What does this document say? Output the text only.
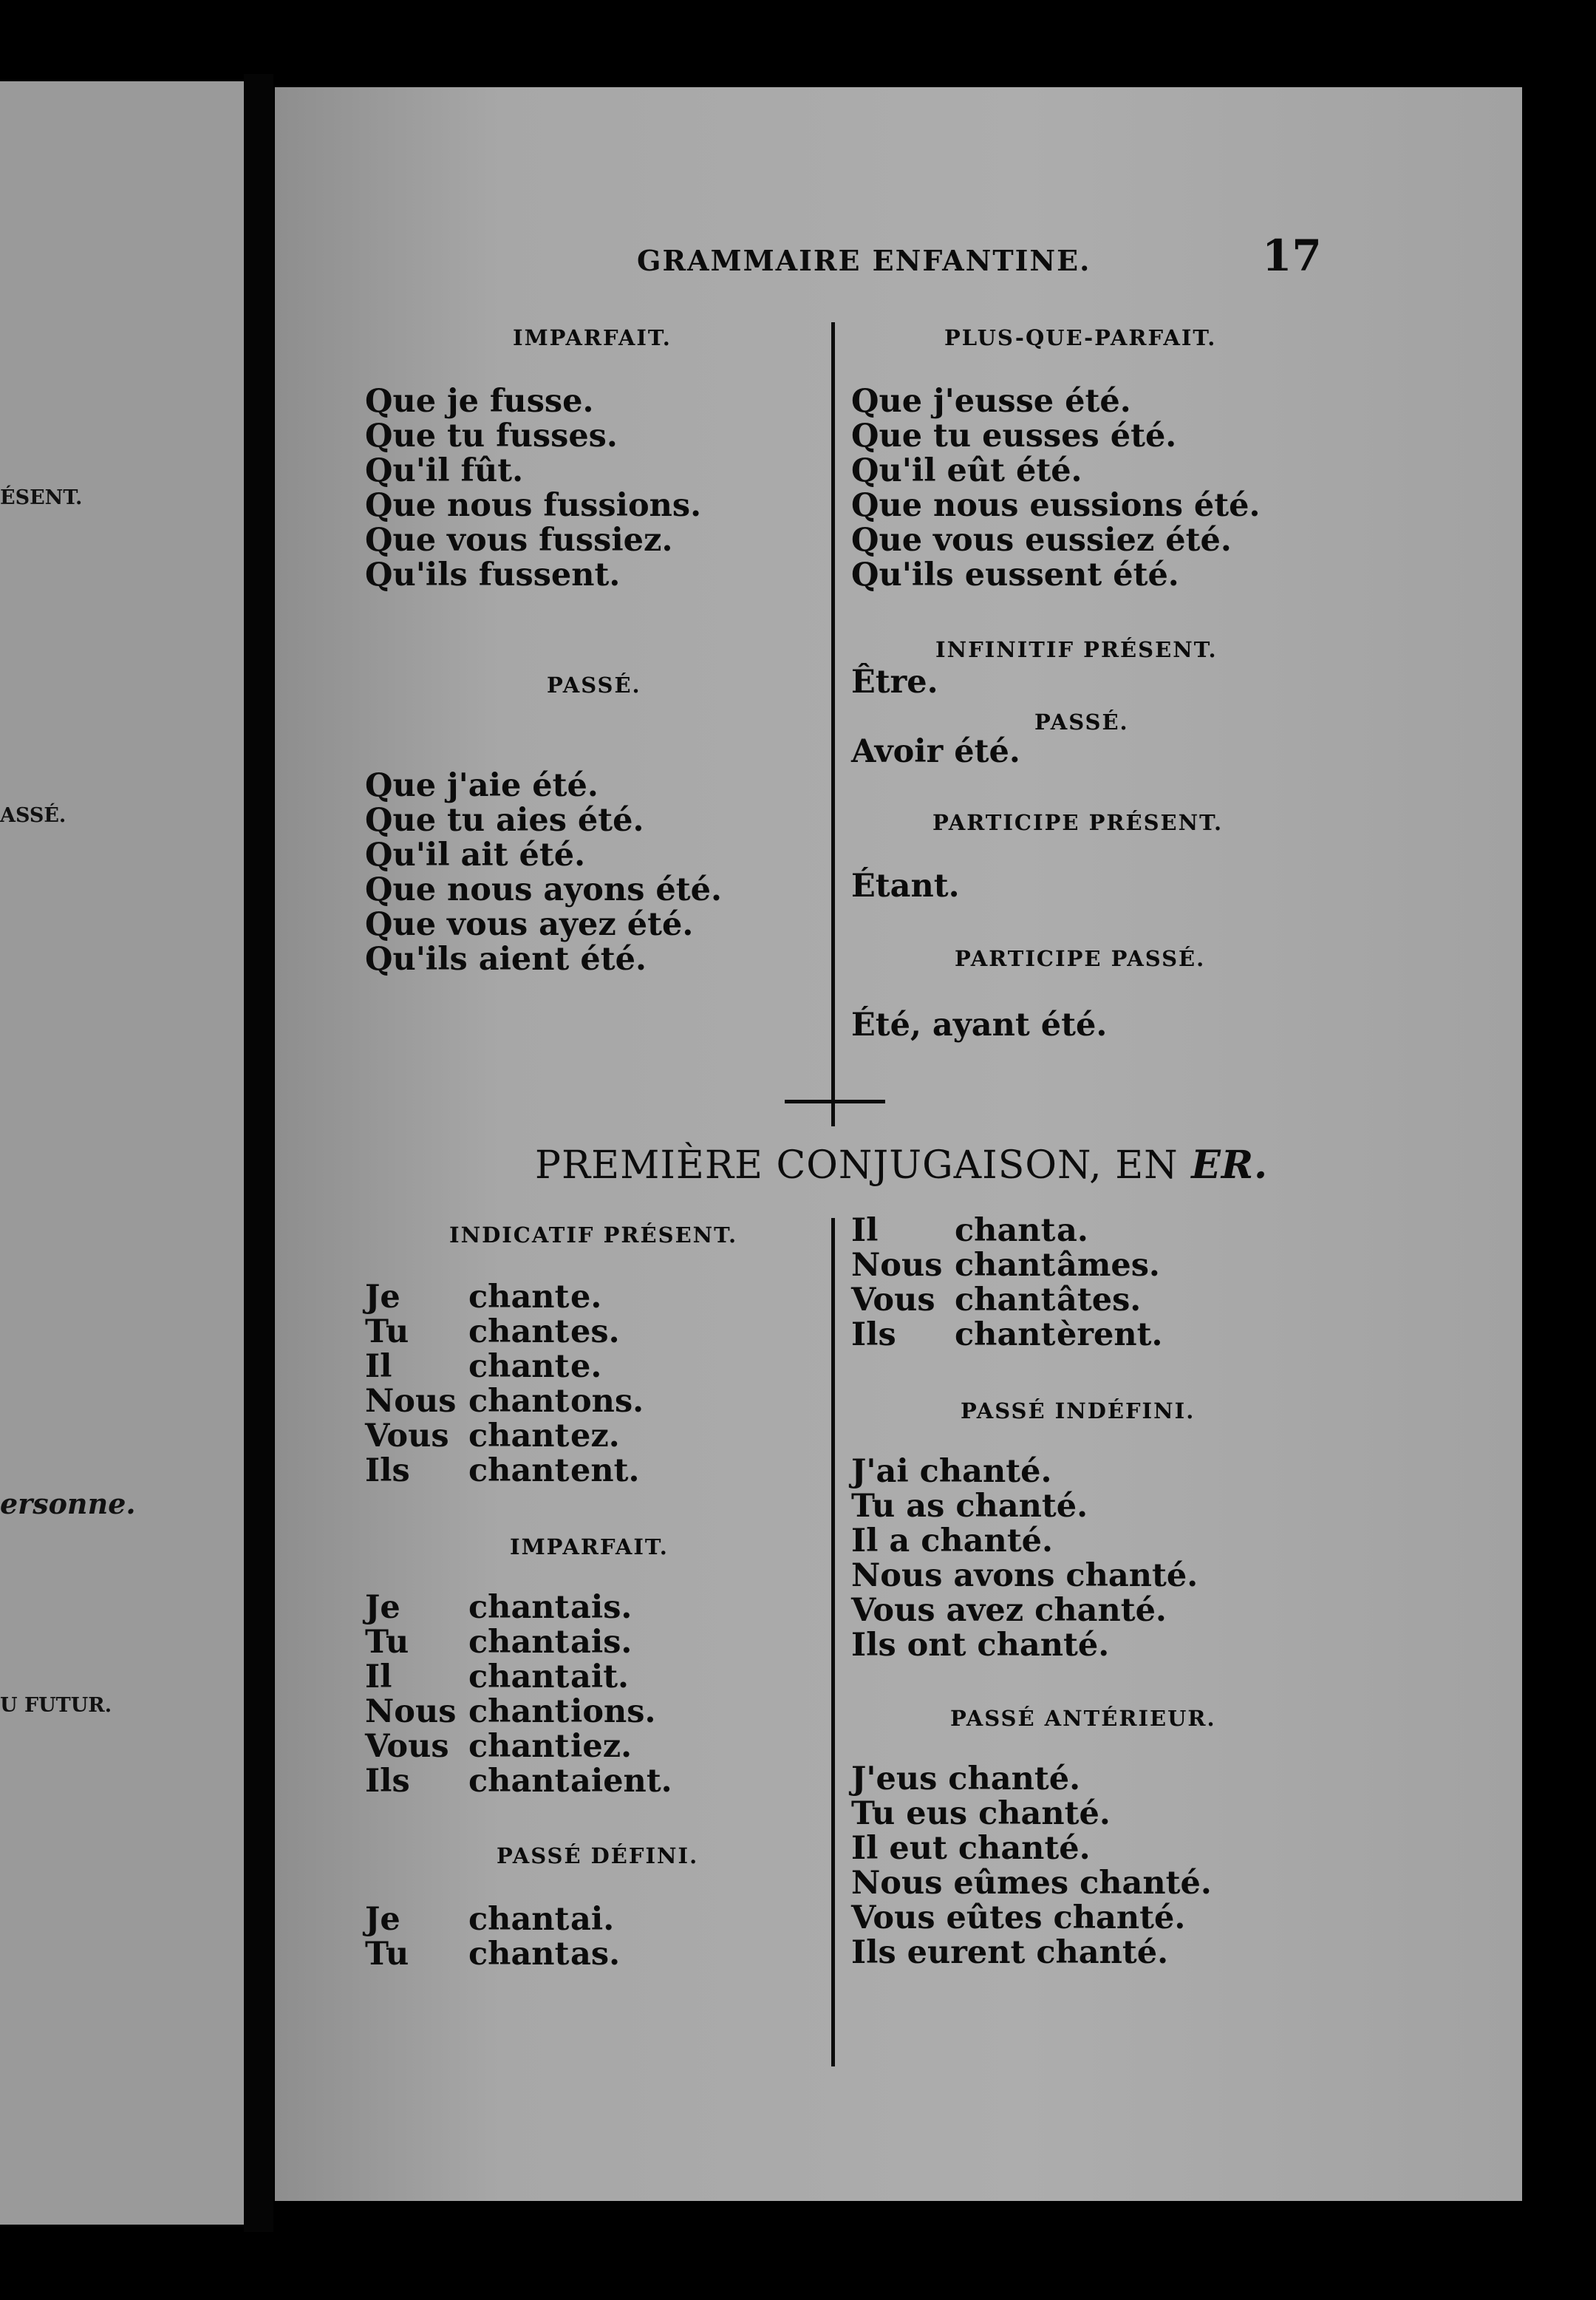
ÉSENT.
ASSÉ.
ersonne.
U FUTUR.
GRAMMAIRE ENFANTINE.	17
IMPARFAIT.
Que je fusse.
Que tu fusses.
Qu'il fût.
Que nous fussions.
Que vous fussiez.
Qu'ils fussent.
PASSÉ.
Que j'aie été.
Que tu aies été.
Qu'il ait été.
Que nous ayons été.
Que vous ayez été.
Qu'ils aient été.
PLUS-QUE-PARFAIT.
Que j'eusse été.
Que tu eusses été.
Qu'il eût été.
Que nous eussions été.
Que vous eussiez été.
Qu'ils eussent été.
INFINITIF PRÉSENT.
Être.
PASSÉ.
Avoir été.
PARTICIPE PRÉSENT.
Étant.
PARTICIPE PASSÉ.
Été, ayant été.
PREMIÈRE CONJUGAISON, EN ER.
INDICATIF PRÉSENT.
Je chante.
Tu chantes.
Il chante.
Nous chantons.
Vous chantez.
Ils chantent.
IMPARFAIT.
Je chantais.
Tu chantais.
Il chantait.
Nous chantions.
Vous chantiez.
Ils chantaient.
PASSÉ DÉFINI.
Je chantai.
Tu chantas.
Il chanta.
Nous chantâmes.
Vous chantâtes.
Ils chantèrent.
PASSÉ INDÉFINI.
J'ai chanté.
Tu as chanté.
Il a chanté.
Nous avons chanté.
Vous avez chanté.
Ils ont chanté.
PASSÉ ANTÉRIEUR.
J'eus chanté.
Tu eus chanté.
Il eut chanté.
Nous eûmes chanté.
Vous eûtes chanté.
Ils eurent chanté.
